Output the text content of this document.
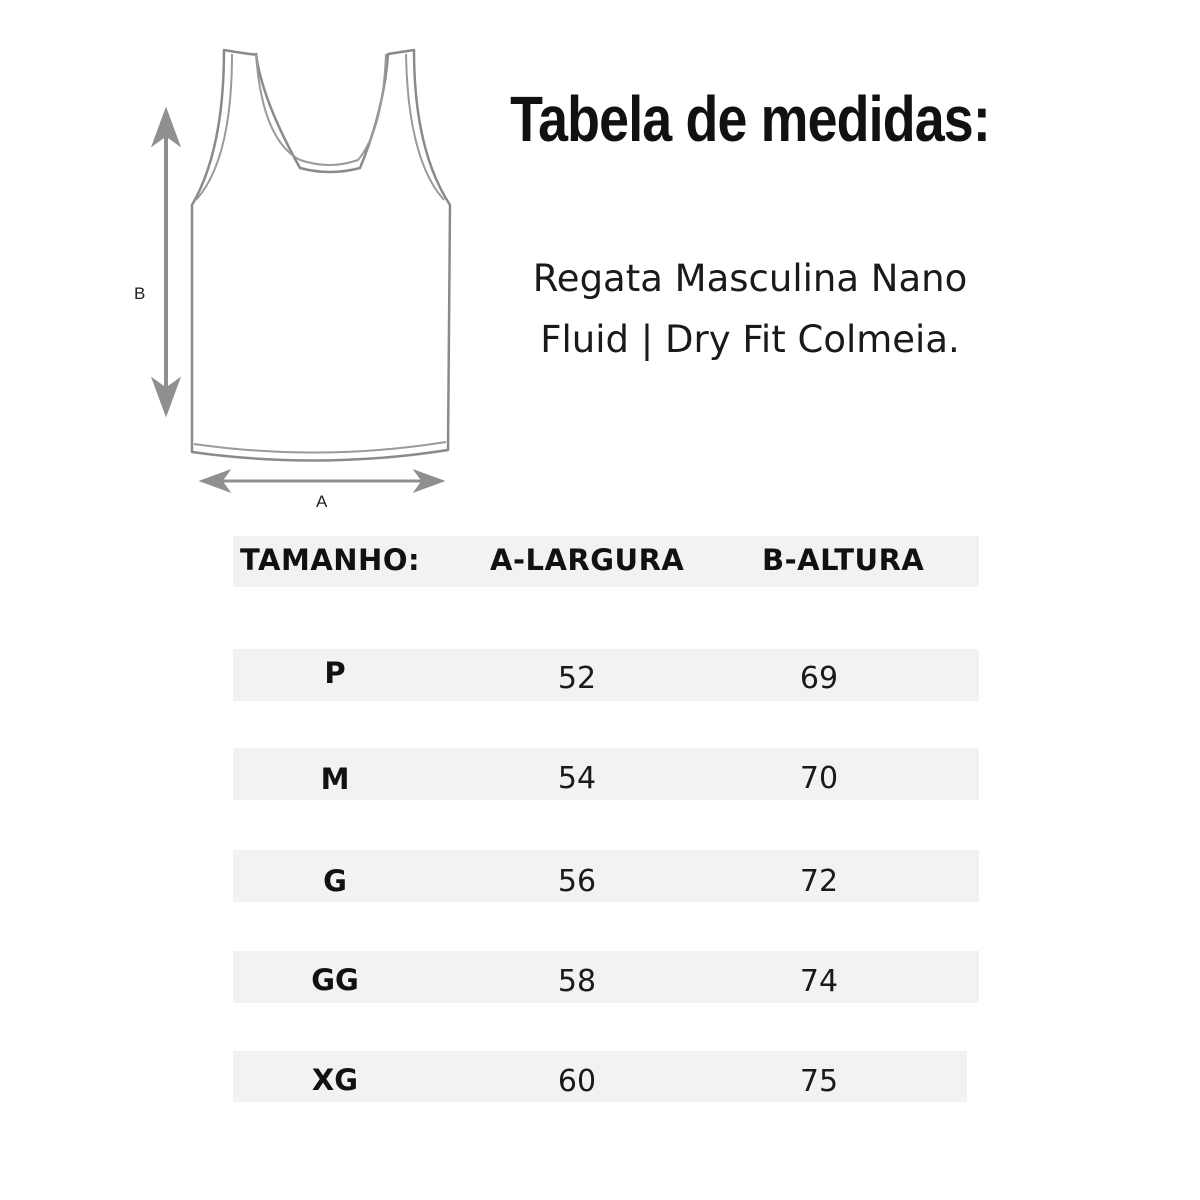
B
A
Tabela de medidas:
Regata Masculina Nano
Fluid | Dry Fit Colmeia.
TAMANHO: A-LARGURA	B-ALTURA
P	52	69
M	54	70
G	56	72
GG	58	74
XG	60	75
